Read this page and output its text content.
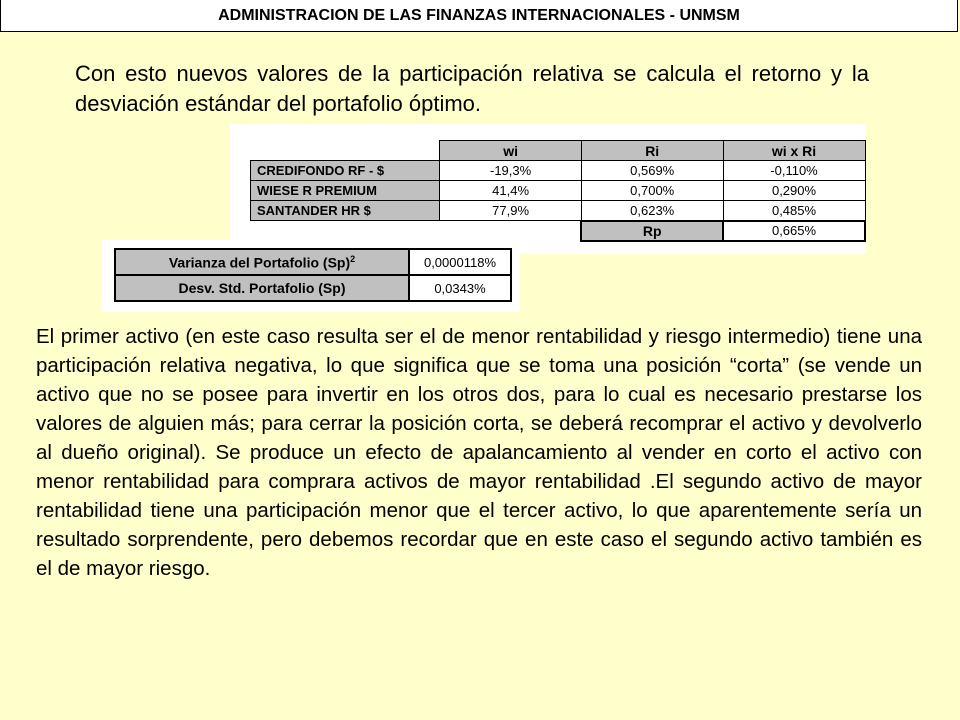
ADMINISTRACION DE LAS FINANZAS INTERNACIONALES - UNMSM

Con esto nuevos valores de la participación relativa se calcula el retorno y la desviación estándar del portafolio óptimo.

	wi	Ri	wi x Ri
CREDIFONDO RF - $	-19,3%	0,569%	-0,110%
WIESE R PREMIUM	41,4%	0,700%	0,290%
SANTANDER HR $	77,9%	0,623%	0,485%
		Rp	0,665%
Varianza del Portafolio $(Sp)^2$	0,0000118%
Desv. Std. Portafolio (Sp)	0,0343%

El primer activo (en este caso resulta ser el de menor rentabilidad y riesgo intermedio) tiene una participación relativa negativa, lo que significa que se toma una posición “corta” (se vende un activo que no se posee para invertir en los otros dos, para lo cual es necesario prestarse los valores de alguien más; para cerrar la posición corta, se deberá recomprar el activo y devolverlo al dueño original). Se produce un efecto de apalancamiento al vender en corto el activo con menor rentabilidad para comprara activos de mayor rentabilidad .El segundo activo de mayor rentabilidad tiene una participación menor que el tercer activo, lo que aparentemente sería un resultado sorprendente, pero debemos recordar que en este caso el segundo activo también es el de mayor riesgo.
